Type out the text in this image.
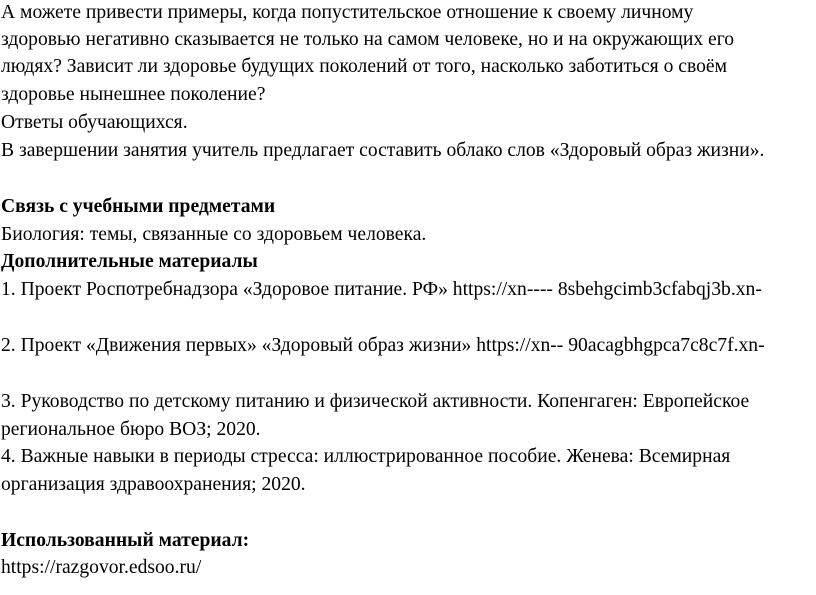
А можете привести примеры, когда попустительское отношение к своему личному
здоровью негативно сказывается не только на самом человеке, но и на окружающих его
людях? Зависит ли здоровье будущих поколений от того, насколько заботиться о своём
здоровье нынешнее поколение?
Ответы обучающихся.
В завершении занятия учитель предлагает составить облако слов «Здоровый образ жизни».
Связь с учебными предметами
Биология: темы, связанные со здоровьем человека.
Дополнительные материалы
1. Проект Роспотребнадзора «Здоровое питание. РФ» https://xn---- 8sbehgcimb3cfabqj3b.xn-
2. Проект «Движения первых» «Здоровый образ жизни» https://xn-- 90acagbhgpca7c8c7f.xn-
3. Руководство по детскому питанию и физической активности. Копенгаген: Европейское
региональное бюро ВОЗ; 2020.
4. Важные навыки в периоды стресса: иллюстрированное пособие. Женева: Всемирная
организация здравоохранения; 2020.
Использованный материал:
https://razgovor.edsoo.ru/
